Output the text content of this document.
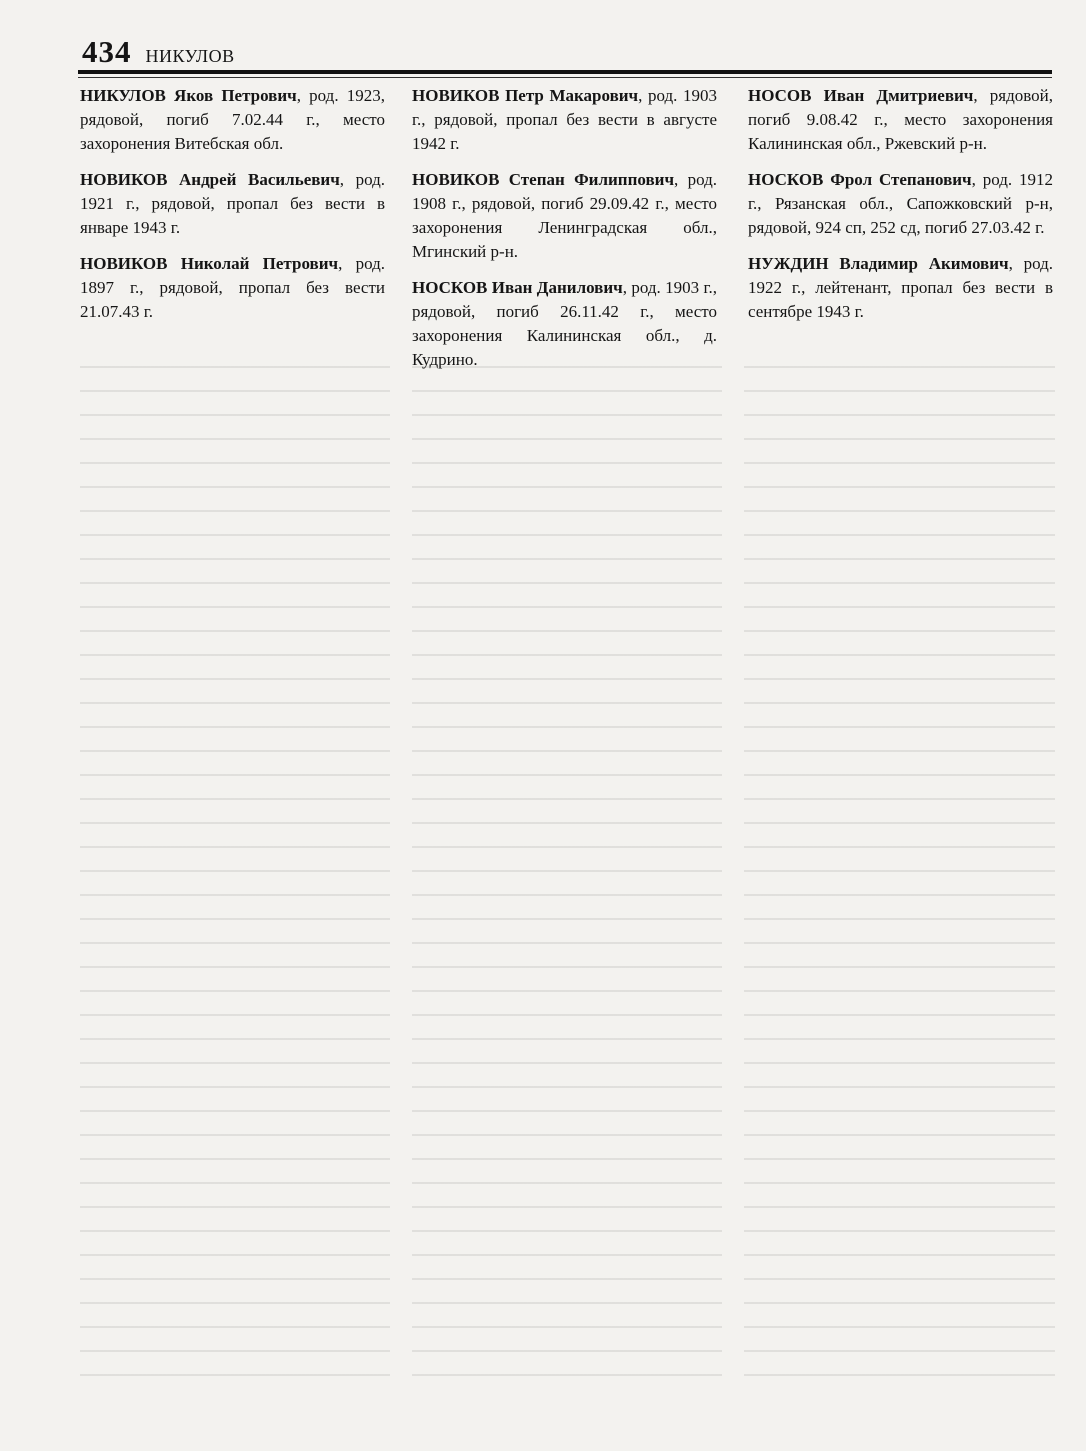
434 НИКУЛОВ

НИКУЛОВ Яков Петрович, род. 1923, рядовой, погиб 7.02.44 г., место захоронения Витебская обл.

НОВИКОВ Андрей Васильевич, род. 1921 г., рядовой, пропал без вести в январе 1943 г.

НОВИКОВ Николай Петрович, род. 1897 г., рядовой, пропал без вести 21.07.43 г.

НОВИКОВ Петр Макарович, род. 1903 г., рядовой, пропал без вести в августе 1942 г.

НОВИКОВ Степан Филиппович, род. 1908 г., рядовой, погиб 29.09.42 г., место захоронения Ленинградская обл., Мгинский р-н.

НОСКОВ Иван Данилович, род. 1903 г., рядовой, погиб 26.11.42 г., место захоронения Калининская обл., д. Кудрино.

НОСОВ Иван Дмитриевич, рядовой, погиб 9.08.42 г., место захоронения Калининская обл., Ржевский р-н.

НОСКОВ Фрол Степанович, род. 1912 г., Рязанская обл., Сапожковский р-н, рядовой, 924 сп, 252 сд, погиб 27.03.42 г.

НУЖДИН Владимир Акимович, род. 1922 г., лейтенант, пропал без вести в сентябре 1943 г.
